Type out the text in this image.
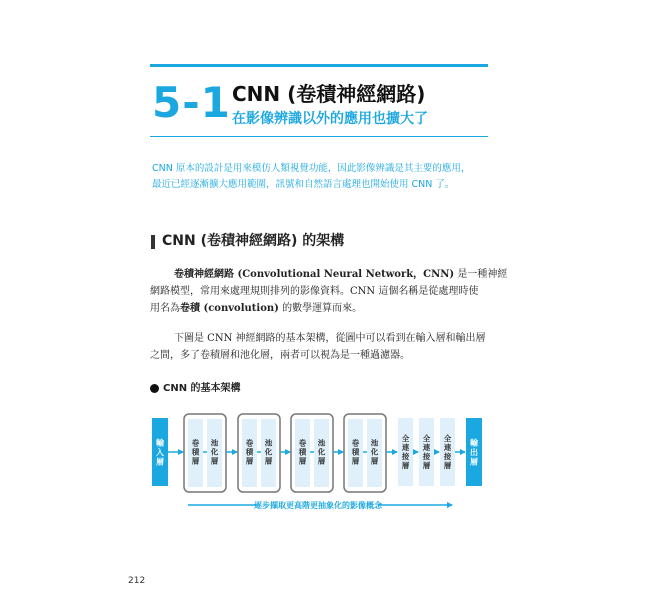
5-1 CNN (卷積神經網路)
在影像辨識以外的應用也擴大了
CNN 原本的設計是用來模仿人類視覺功能，因此影像辨識是其主要的應用，
最近已經逐漸擴大應用範圍，訊號和自然語言處理也開始使用 CNN 了。
CNN (卷積神經網路) 的架構
卷積神經網路 (Convolutional Neural Network，CNN) 是一種神經
網路模型，常用來處理規則排列的影像資料。CNN 這個名稱是從處理時使
用名為卷積 (convolution) 的數學運算而來。
下圖是 CNN 神經網路的基本架構，從圖中可以看到在輸入層和輸出層
之間，多了卷積層和池化層，兩者可以視為是一種過濾器。
CNN 的基本架構
輸入層
卷積層
池化層
卷積層
池化層
卷積層
池化層
卷積層
池化層
全連接層
全連接層
全連接層
輸出層
逐步擷取更高階更抽象化的影像概念
212
